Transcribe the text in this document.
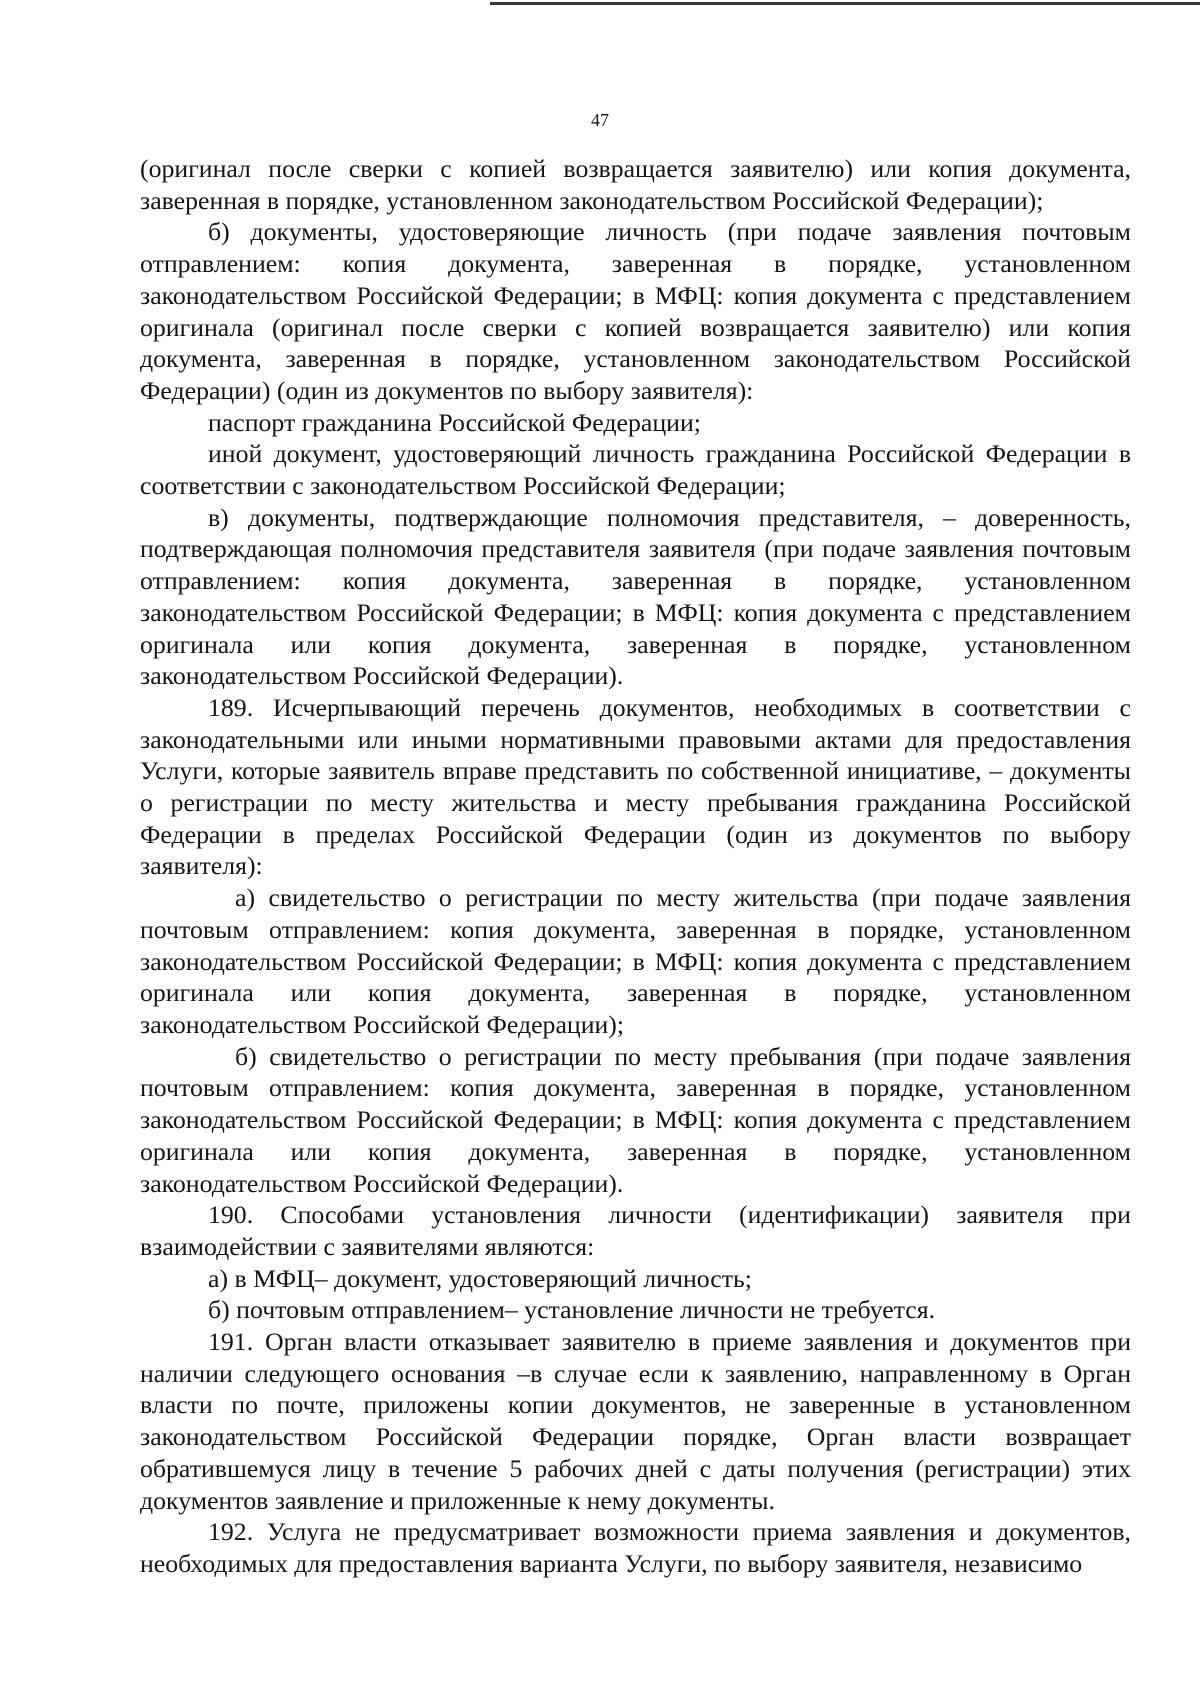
47

(оригинал после сверки с копией возвращается заявителю) или копия документа, заверенная в порядке, установленном законодательством Российской Федерации);

б) документы, удостоверяющие личность (при подаче заявления почтовым отправлением: копия документа, заверенная в порядке, установленном законодательством Российской Федерации; в МФЦ: копия документа с представлением оригинала (оригинал после сверки с копией возвращается заявителю) или копия документа, заверенная в порядке, установленном законодательством Российской Федерации) (один из документов по выбору заявителя):

паспорт гражданина Российской Федерации;

иной документ, удостоверяющий личность гражданина Российской Федерации в соответствии с законодательством Российской Федерации;

в) документы, подтверждающие полномочия представителя, – доверенность, подтверждающая полномочия представителя заявителя (при подаче заявления почтовым отправлением: копия документа, заверенная в порядке, установленном законодательством Российской Федерации; в МФЦ: копия документа с представлением оригинала или копия документа, заверенная в порядке, установленном законодательством Российской Федерации).

189. Исчерпывающий перечень документов, необходимых в соответствии с законодательными или иными нормативными правовыми актами для предоставления Услуги, которые заявитель вправе представить по собственной инициативе, – документы о регистрации по месту жительства и месту пребывания гражданина Российской Федерации в пределах Российской Федерации (один из документов по выбору заявителя):

а) свидетельство о регистрации по месту жительства (при подаче заявления почтовым отправлением: копия документа, заверенная в порядке, установленном законодательством Российской Федерации; в МФЦ: копия документа с представлением оригинала или копия документа, заверенная в порядке, установленном законодательством Российской Федерации);

б) свидетельство о регистрации по месту пребывания (при подаче заявления почтовым отправлением: копия документа, заверенная в порядке, установленном законодательством Российской Федерации; в МФЦ: копия документа с представлением оригинала или копия документа, заверенная в порядке, установленном законодательством Российской Федерации).

190. Способами установления личности (идентификации) заявителя при взаимодействии с заявителями являются:

а) в МФЦ– документ, удостоверяющий личность;

б) почтовым отправлением– установление личности не требуется.

191. Орган власти отказывает заявителю в приеме заявления и документов при наличии следующего основания –в случае если к заявлению, направленному в Орган власти по почте, приложены копии документов, не заверенные в установленном законодательством Российской Федерации порядке, Орган власти возвращает обратившемуся лицу в течение 5 рабочих дней с даты получения (регистрации) этих документов заявление и приложенные к нему документы.

192. Услуга не предусматривает возможности приема заявления и документов, необходимых для предоставления варианта Услуги, по выбору заявителя, независимо
